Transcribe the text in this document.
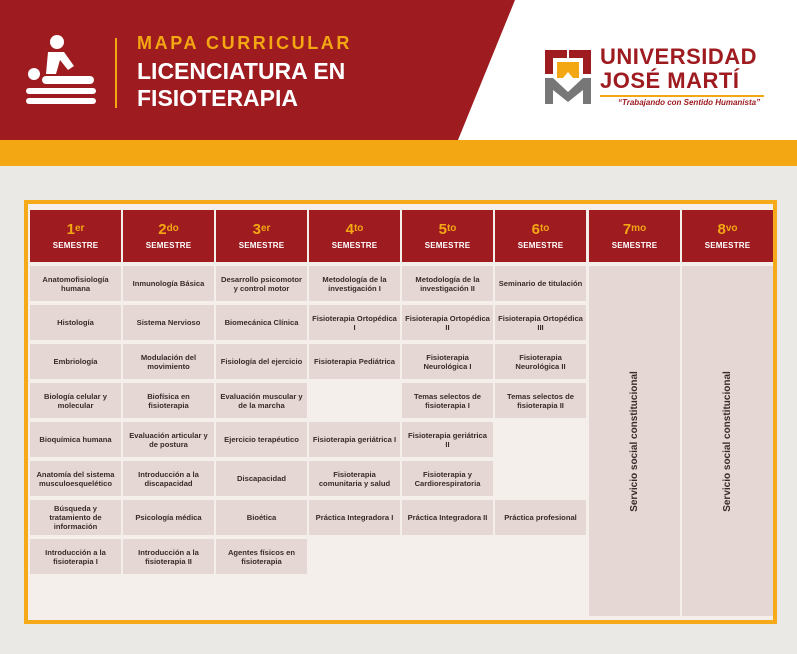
MAPA CURRICULAR
LICENCIATURA EN FISIOTERAPIA
UNIVERSIDAD
JOSÉ MARTÍ
“Trabajando con Sentido Humanista”
1er
SEMESTRE
Anatomofisiología humana
Histología
Embriología
Biología celular y molecular
Bioquímica humana
Anatomía del sistema musculoesquelético
Búsqueda y tratamiento de información
Introducción a la fisioterapia I
$2^{do}$
SEMESTRE
Inmunología Básica
Sistema Nervioso
Modulación del movimiento
Biofísica en fisioterapia
Evaluación articular y de postura
Introducción a la discapacidad
Psicología médica
Introducción a la fisioterapia II
3er
SEMESTRE
Desarrollo psicomotor y control motor
Biomecánica Clínica
Fisiología del ejercicio
Evaluación muscular y de la marcha
Ejercicio terapéutico
Discapacidad
Bioética
Agentes físicos en fisioterapia
$4^{to}$
SEMESTRE
Metodología de la investigación I
Fisioterapia Ortopédica I
Fisioterapia Pediátrica
Fisioterapia geriátrica I
Fisioterapia comunitaria y salud
Práctica Integradora I
$5^{to}$
SEMESTRE
Metodología de la investigación II
Fisioterapia Ortopédica II
Fisioterapia Neurológica I
Temas selectos de fisioterapia I
Fisioterapia geriátrica II
Fisioterapia y Cardiorespiratoria
Práctica Integradora II
$6^{to}$
SEMESTRE
Seminario de titulación
Fisioterapia Ortopédica III
Fisioterapia Neurológica II
Temas selectos de fisioterapia II
Práctica profesional
$7^{mo}$
SEMESTRE
Servicio social constitucional
$8^{vo}$
SEMESTRE
Servicio social constitucional
